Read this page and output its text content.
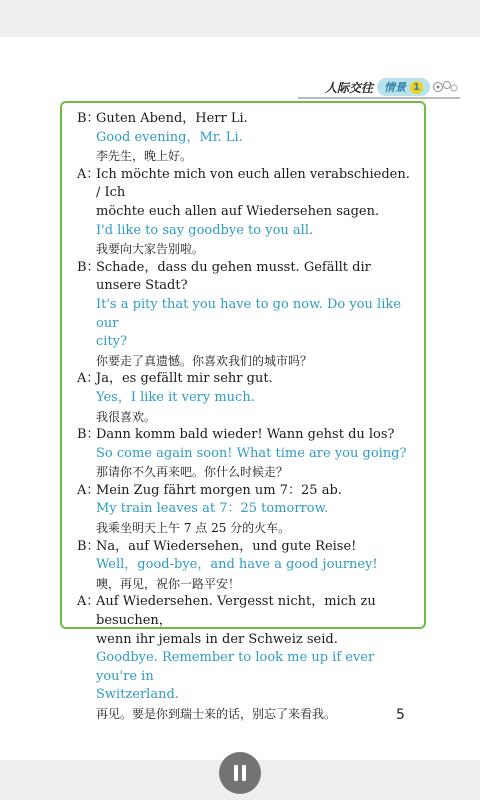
人际交往 情景 1
B：
Guten Abend，Herr Li.
Good evening，Mr. Li.
李先生，晚上好。
A：
Ich möchte mich von euch allen verabschieden. / Ich
möchte euch allen auf Wiedersehen sagen.
I'd like to say goodbye to you all.
我要向大家告别啦。
B：
Schade，dass du gehen musst. Gefällt dir unsere Stadt?
It's a pity that you have to go now. Do you like our
city?
你要走了真遗憾。你喜欢我们的城市吗？
A：
Ja，es gefällt mir sehr gut.
Yes，I like it very much.
我很喜欢。
B：
Dann komm bald wieder! Wann gehst du los?
So come again soon! What time are you going?
那请你不久再来吧。你什么时候走？
A：
Mein Zug fährt morgen um 7：25 ab.
My train leaves at 7：25 tomorrow.
我乘坐明天上午 7 点 25 分的火车。
B：
Na，auf Wiedersehen，und gute Reise!
Well，good-bye，and have a good journey!
噢，再见，祝你一路平安！
A：
Auf Wiedersehen. Vergesst nicht，mich zu besuchen，
wenn ihr jemals in der Schweiz seid.
Goodbye. Remember to look me up if ever you're in
Switzerland.
再见。要是你到瑞士来的话，别忘了来看我。	5
